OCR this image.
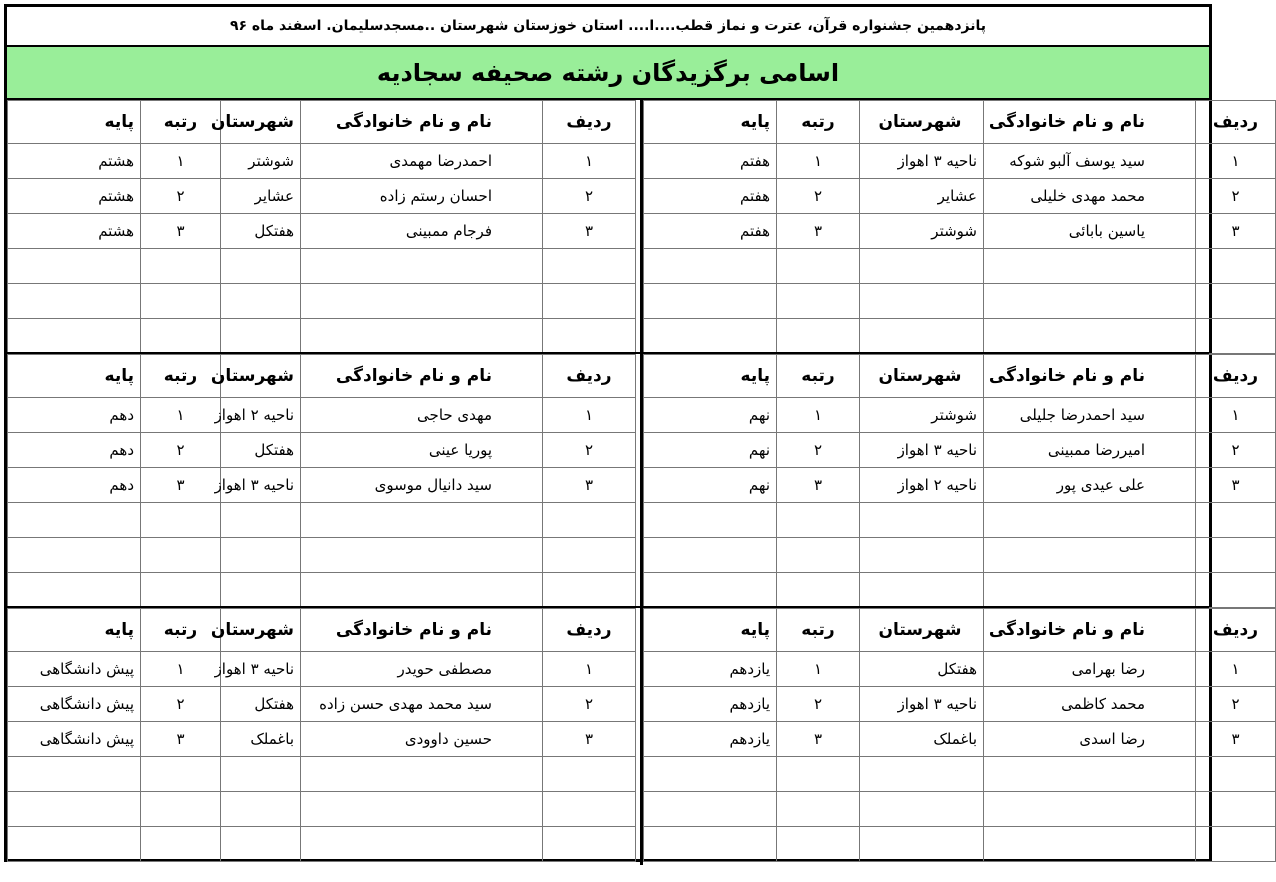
پانزدهمین جشنواره قرآن، عترت و نماز قطب....ا.... استان خوزستان شهرستان ..مسجدسلیمان. اسفند ماه ۹۶
اسامی برگزیدگان رشته صحیفه سجادیه
ردیف	نام و نام خانوادگی	شهرستان	رتبه	پایه
۱	سید یوسف آلبو شوکه	ناحیه ۳ اهواز	۱	هفتم
۲	محمد مهدی خلیلی	عشایر	۲	هفتم
۳	یاسین بابائی	شوشتر	۳	هفتم

ردیف	نام و نام خانوادگی	شهرستان	رتبه	پایه
۱	احمدرضا مهمدی	شوشتر	۱	هشتم
۲	احسان رستم زاده	عشایر	۲	هشتم
۳	فرجام ممبینی	هفتکل	۳	هشتم

ردیف	نام و نام خانوادگی	شهرستان	رتبه	پایه
۱	سید احمدرضا جلیلی	شوشتر	۱	نهم
۲	امیررضا ممبینی	ناحیه ۳ اهواز	۲	نهم
۳	علی عیدی پور	ناحیه ۲ اهواز	۳	نهم

ردیف	نام و نام خانوادگی	شهرستان	رتبه	پایه
۱	مهدی حاجی	ناحیه ۲ اهواز	۱	دهم
۲	پوریا عینی	هفتکل	۲	دهم
۳	سید دانیال موسوی	ناحیه ۳ اهواز	۳	دهم

ردیف	نام و نام خانوادگی	شهرستان	رتبه	پایه
۱	رضا بهرامی	هفتکل	۱	یازدهم
۲	محمد کاظمی	ناحیه ۳ اهواز	۲	یازدهم
۳	رضا اسدی	باغملک	۳	یازدهم

ردیف	نام و نام خانوادگی	شهرستان	رتبه	پایه
۱	مصطفی حویدر	ناحیه ۳ اهواز	۱	پیش دانشگاهی
۲	سید محمد مهدی حسن زاده	هفتکل	۲	پیش دانشگاهی
۳	حسین داوودی	باغملک	۳	پیش دانشگاهی
